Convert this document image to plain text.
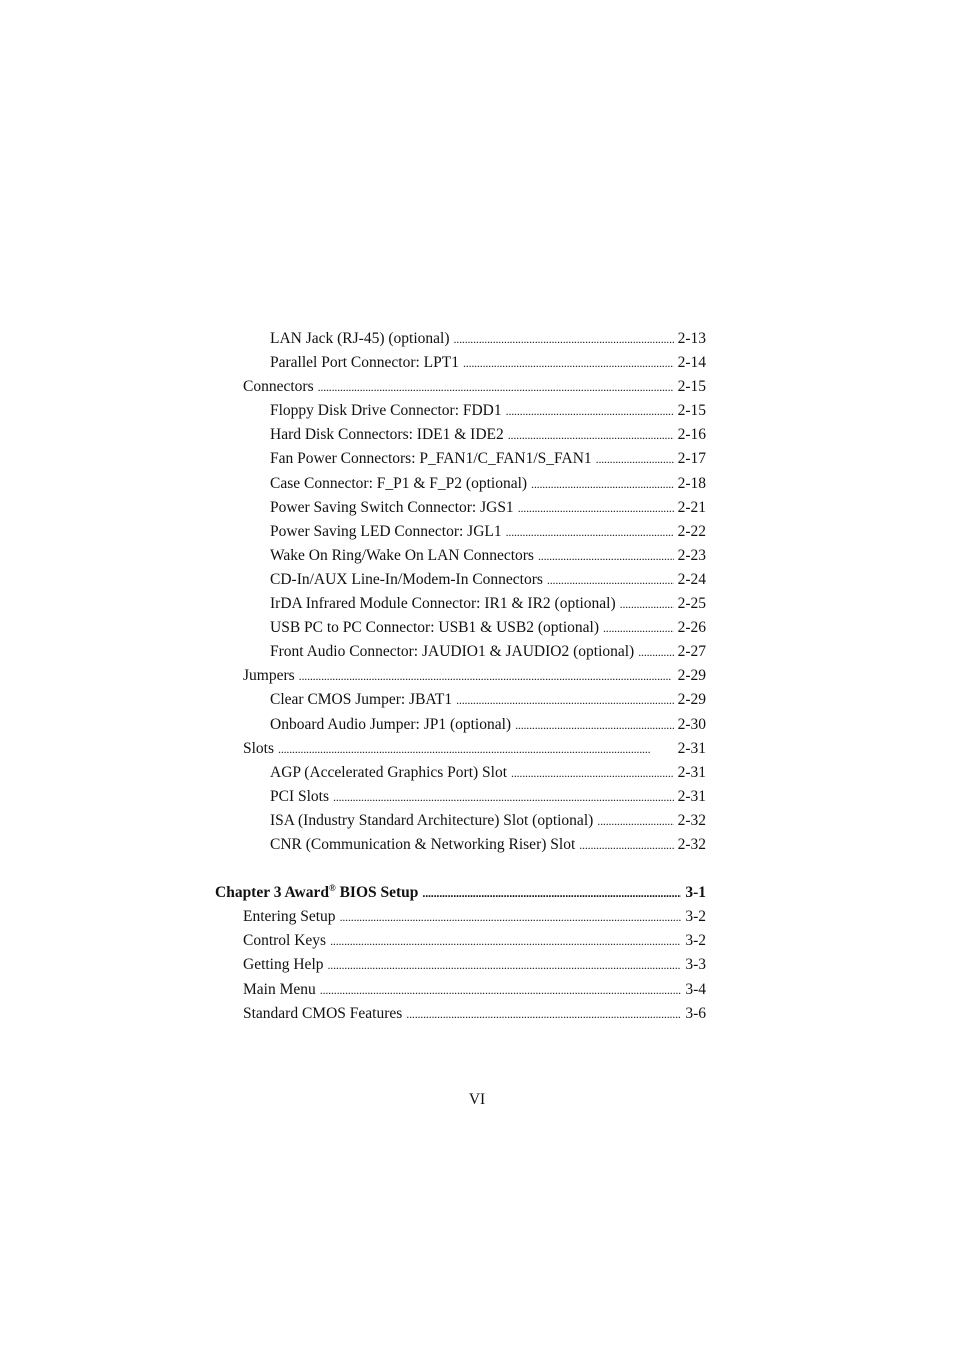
LAN Jack (RJ-45) (optional) . . .	2-13
Parallel Port Connector: LPT1 . . .	2-14
Connectors . . .	2-15
Floppy Disk Drive Connector: FDD1 . . .	2-15
Hard Disk Connectors: IDE1 & IDE2 . . .	2-16
Fan Power Connectors: P_FAN1/C_FAN1/S_FAN1 . . .	2-17
Case Connector: F_P1 & F_P2 (optional) . . .	2-18
Power Saving Switch Connector: JGS1 . . .	2-21
Power Saving LED Connector: JGL1 . . .	2-22
Wake On Ring/Wake On LAN Connectors . . .	2-23
CD-In/AUX Line-In/Modem-In Connectors . . .	2-24
IrDA Infrared Module Connector: IR1 & IR2 (optional) . . .	2-25
USB PC to PC Connector: USB1 & USB2 (optional) . . .	2-26
Front Audio Connector: JAUDIO1 & JAUDIO2 (optional) . . .	2-27
Jumpers . . .	2-29
Clear CMOS Jumper: JBAT1 . . .	2-29
Onboard Audio Jumper: JP1 (optional) . . .	2-30
Slots . . .	2-31
AGP (Accelerated Graphics Port) Slot . . .	2-31
PCI Slots . . .	2-31
ISA (Industry Standard Architecture) Slot (optional) . . .	2-32
CNR (Communication & Networking Riser) Slot . . .	2-32
Chapter 3 Award® BIOS Setup . . .	3-1
Entering Setup . . .	3-2
Control Keys . . .	3-2
Getting Help . . .	3-3
Main Menu . . .	3-4
Standard CMOS Features . . .	3-6
VI
